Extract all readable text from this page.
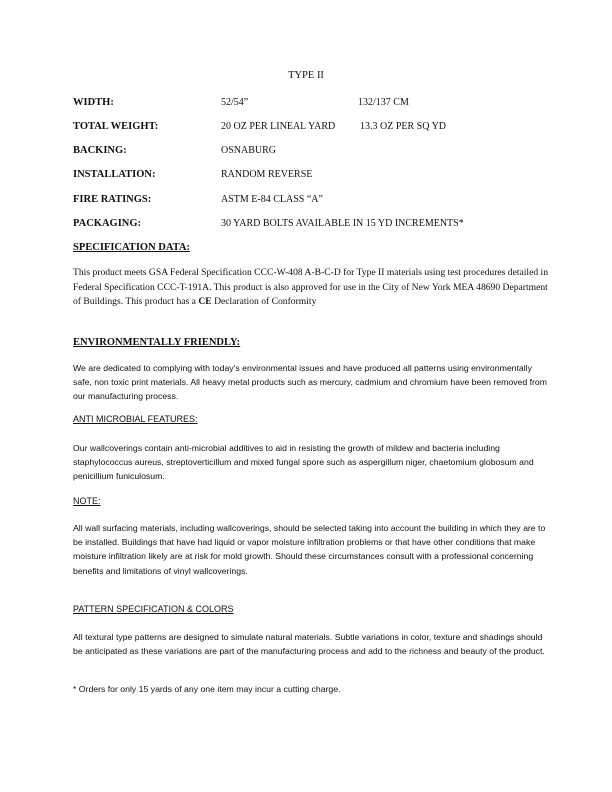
TYPE II
WIDTH:	52/54”	132/137 CM
TOTAL WEIGHT:	20 OZ PER LINEAL YARD 13.3 OZ PER SQ YD
BACKING:	OSNABURG
INSTALLATION:	RANDOM REVERSE
FIRE RATINGS:	ASTM E-84 CLASS “A”
PACKAGING:	30 YARD BOLTS AVAILABLE IN 15 YD INCREMENTS*
SPECIFICATION DATA:
This product meets GSA Federal Specification CCC-W-408 A-B-C-D for Type II materials using test procedures detailed in Federal Specification CCC-T-191A. This product is also approved for use in the City of New York MEA 48690 Department of Buildings. This product has a CE Declaration of Conformity
ENVIRONMENTALLY FRIENDLY:
We are dedicated to complying with today’s environmental issues and have produced all patterns using environmentally safe, non toxic print materials. All heavy metal products such as mercury, cadmium and chromium have been removed from our manufacturing process.
ANTI MICROBIAL FEATURES:
Our wallcoverings contain anti-microbial additives to aid in resisting the growth of mildew and bacteria including staphylococcus aureus, streptoverticillum and mixed fungal spore such as aspergillum niger, chaetomium globosum and penicillium funiculosum.
NOTE:
All wall surfacing materials, including wallcoverings, should be selected taking into account the building in which they are to be installed. Buildings that have had liquid or vapor moisture infiltration problems or that have other conditions that make moisture infiltration likely are at risk for mold growth. Should these circumstances consult with a professional concerning benefits and limitations of vinyl wallcoverings.
PATTERN SPECIFICATION & COLORS
All textural type patterns are designed to simulate natural materials. Subtle variations in color, texture and shadings should be anticipated as these variations are part of the manufacturing process and add to the richness and beauty of the product.
* Orders for only 15 yards of any one item may incur a cutting charge.
